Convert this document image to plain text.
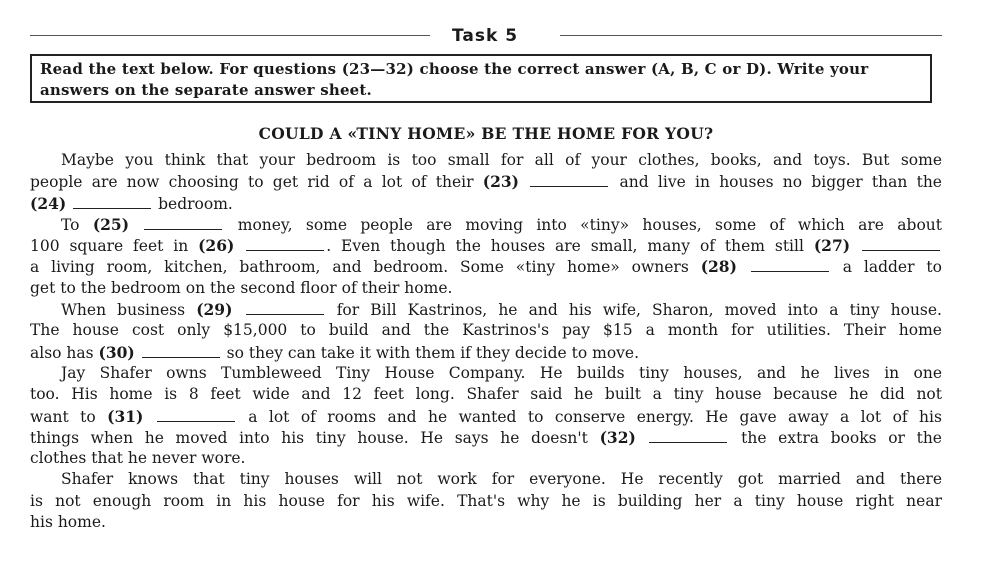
Task 5
Read the text below. For questions (23—32) choose the correct answer (A, B, C or D). Write your answers on the separate answer sheet.
COULD A «TINY HOME» BE THE HOME FOR YOU?
Maybe you think that your bedroom is too small for all of your clothes, books, and toys. But some
people are now choosing to get rid of a lot of their (23)	and live in houses no bigger than the
(24)	bedroom.
To (25)	money, some people are moving into «tiny» houses, some of which are about
100 square feet in (26)	. Even though the houses are small, many of them still (27)
a living room, kitchen, bathroom, and bedroom. Some «tiny home» owners (28)	a ladder to
get to the bedroom on the second floor of their home.
When business (29)	for Bill Kastrinos, he and his wife, Sharon, moved into a tiny house.
The house cost only $15,000 to build and the Kastrinos's pay $15 a month for utilities. Their home
also has (30)	so they can take it with them if they decide to move.
Jay Shafer owns Tumbleweed Tiny House Company. He builds tiny houses, and he lives in one
too. His home is 8 feet wide and 12 feet long. Shafer said he built a tiny house because he did not
want to (31)	a lot of rooms and he wanted to conserve energy. He gave away a lot of his
things when he moved into his tiny house. He says he doesn't (32)	the extra books or the
clothes that he never wore.
Shafer knows that tiny houses will not work for everyone. He recently got married and there
is not enough room in his house for his wife. That's why he is building her a tiny house right near
his home.
